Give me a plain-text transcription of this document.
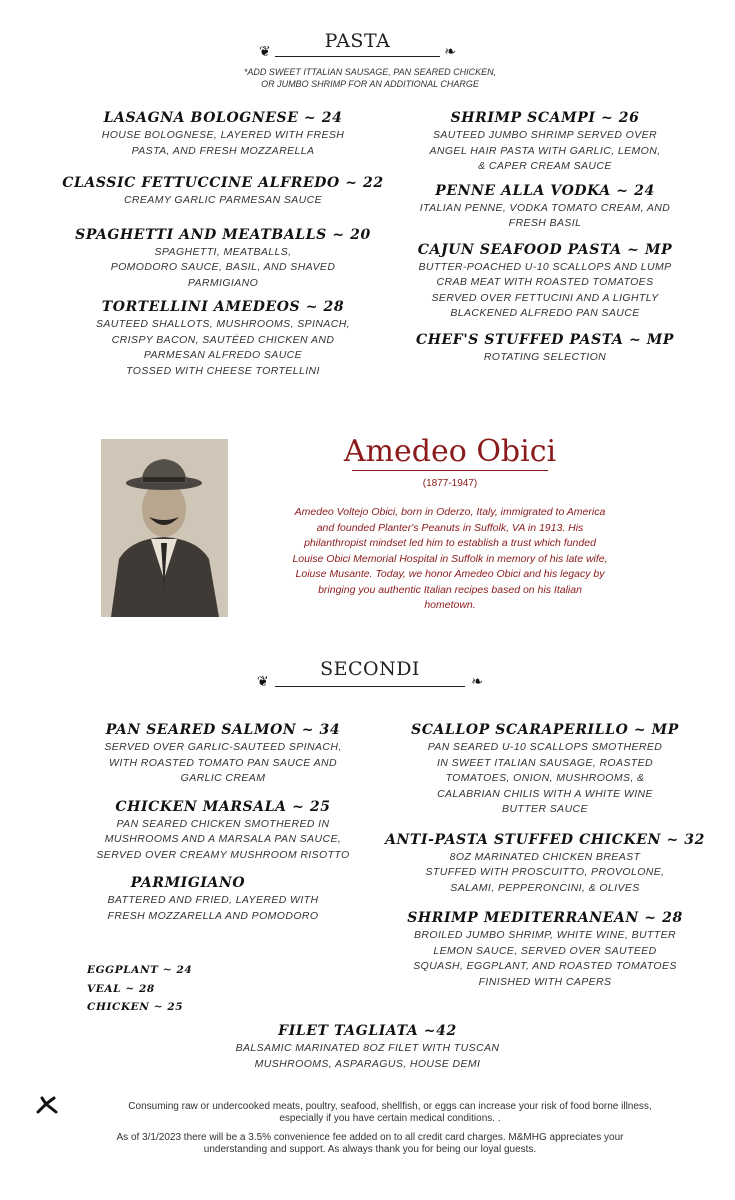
❦	❧
PASTA
*ADD SWEET ITTALIAN SAUSAGE, PAN SEARED CHICKEN,
OR JUMBO SHRIMP FOR AN ADDITIONAL CHARGE
LASAGNA BOLOGNESE ~ 24
HOUSE BOLOGNESE, LAYERED WITH FRESH
PASTA, AND FRESH MOZZARELLA
CLASSIC FETTUCCINE ALFREDO ~ 22
CREAMY GARLIC PARMESAN SAUCE
SPAGHETTI AND MEATBALLS ~ 20
SPAGHETTI, MEATBALLS,
POMODORO SAUCE, BASIL, AND SHAVED
PARMIGIANO
TORTELLINI AMEDEOS ~ 28
SAUTEED SHALLOTS, MUSHROOMS, SPINACH,
CRISPY BACON, SAUTÉED CHICKEN AND
PARMESAN ALFREDO SAUCE
TOSSED WITH CHEESE TORTELLINI
SHRIMP SCAMPI ~ 26
SAUTEED JUMBO SHRIMP SERVED OVER
ANGEL HAIR PASTA WITH GARLIC, LEMON,
& CAPER CREAM SAUCE
PENNE ALLA VODKA ~ 24
ITALIAN PENNE, VODKA TOMATO CREAM, AND
FRESH BASIL
CAJUN SEAFOOD PASTA ~ MP
BUTTER-POACHED U-10 SCALLOPS AND LUMP
CRAB MEAT WITH ROASTED TOMATOES
SERVED OVER FETTUCINI AND A LIGHTLY
BLACKENED ALFREDO PAN SAUCE
CHEF'S STUFFED PASTA ~ MP
ROTATING SELECTION
Amedeo Obici
(1877-1947)
Amedeo Voltejo Obici, born in Oderzo, Italy, immigrated to America
and founded Planter's Peanuts in Suffolk, VA in 1913. His
philanthropist mindset led him to establish a trust which funded
Louise Obici Memorial Hospital in Suffolk in memory of his late wife,
Loiuse Musante. Today, we honor Amedeo Obici and his legacy by
bringing you authentic Italian recipes based on his Italian
hometown.
❦	❧
SECONDI
PAN SEARED SALMON ~ 34
SERVED OVER GARLIC-SAUTEED SPINACH,
WITH ROASTED TOMATO PAN SAUCE AND
GARLIC CREAM
CHICKEN MARSALA ~ 25
PAN SEARED CHICKEN SMOTHERED IN
MUSHROOMS AND A MARSALA PAN SAUCE,
SERVED OVER CREAMY MUSHROOM RISOTTO
PARMIGIANO
BATTERED AND FRIED, LAYERED WITH
FRESH MOZZARELLA AND POMODORO
EGGPLANT ~ 24
VEAL ~ 28
CHICKEN ~ 25
SCALLOP SCARAPERILLO ~ MP
PAN SEARED U-10 SCALLOPS SMOTHERED
IN SWEET ITALIAN SAUSAGE, ROASTED
TOMATOES, ONION, MUSHROOMS, &
CALABRIAN CHILIS WITH A WHITE WINE
BUTTER SAUCE
ANTI-PASTA STUFFED CHICKEN ~ 32
8OZ MARINATED CHICKEN BREAST
STUFFED WITH PROSCUITTO, PROVOLONE,
SALAMI, PEPPERONCINI, & OLIVES
SHRIMP MEDITERRANEAN ~ 28
BROILED JUMBO SHRIMP, WHITE WINE, BUTTER
LEMON SAUCE, SERVED OVER SAUTEED
SQUASH, EGGPLANT, AND ROASTED TOMATOES
FINISHED WITH CAPERS
FILET TAGLIATA ~42
BALSAMIC MARINATED 8OZ FILET WITH TUSCAN
MUSHROOMS, ASPARAGUS, HOUSE DEMI
Consuming raw or undercooked meats, poultry, seafood, shellfish, or eggs can increase your risk of food borne illness,
especially if you have certain medical conditions. .
As of 3/1/2023 there will be a 3.5% convenience fee added on to all credit card charges. M&MHG appreciates your
understanding and support. As always thank you for being our loyal guests.
